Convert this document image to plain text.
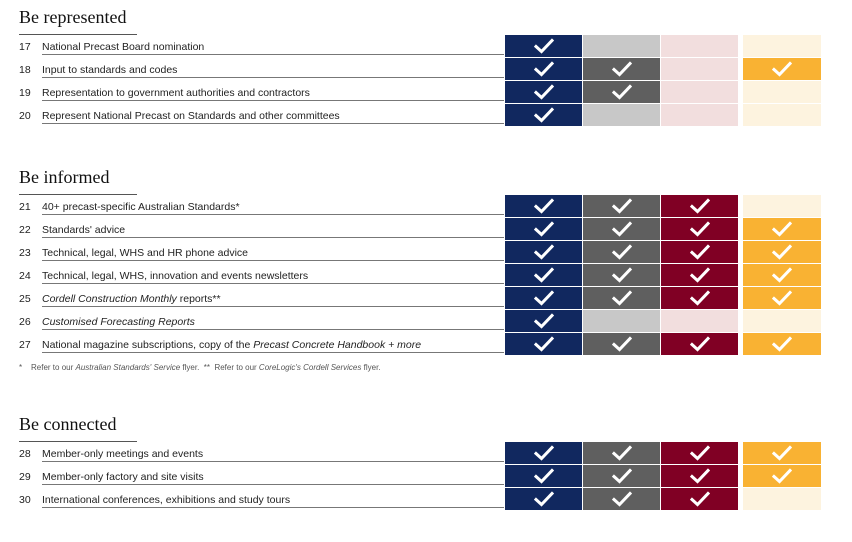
Be represented
17 National Precast Board nomination
18 Input to standards and codes
19 Representation to government authorities and contractors
20 Represent National Precast on Standards and other committees
Be informed
21 40+ precast-specific Australian Standards*
22 Standards' advice
23 Technical, legal, WHS and HR phone advice
24 Technical, legal, WHS, innovation and events newsletters
25 Cordell Construction Monthly reports**
26 Customised Forecasting Reports
27 National magazine subscriptions, copy of the Precast Concrete Handbook + more
* Refer to our Australian Standards' Service flyer. ** Refer to our CoreLogic's Cordell Services flyer.
Be connected
28 Member-only meetings and events
29 Member-only factory and site visits
30 International conferences, exhibitions and study tours
